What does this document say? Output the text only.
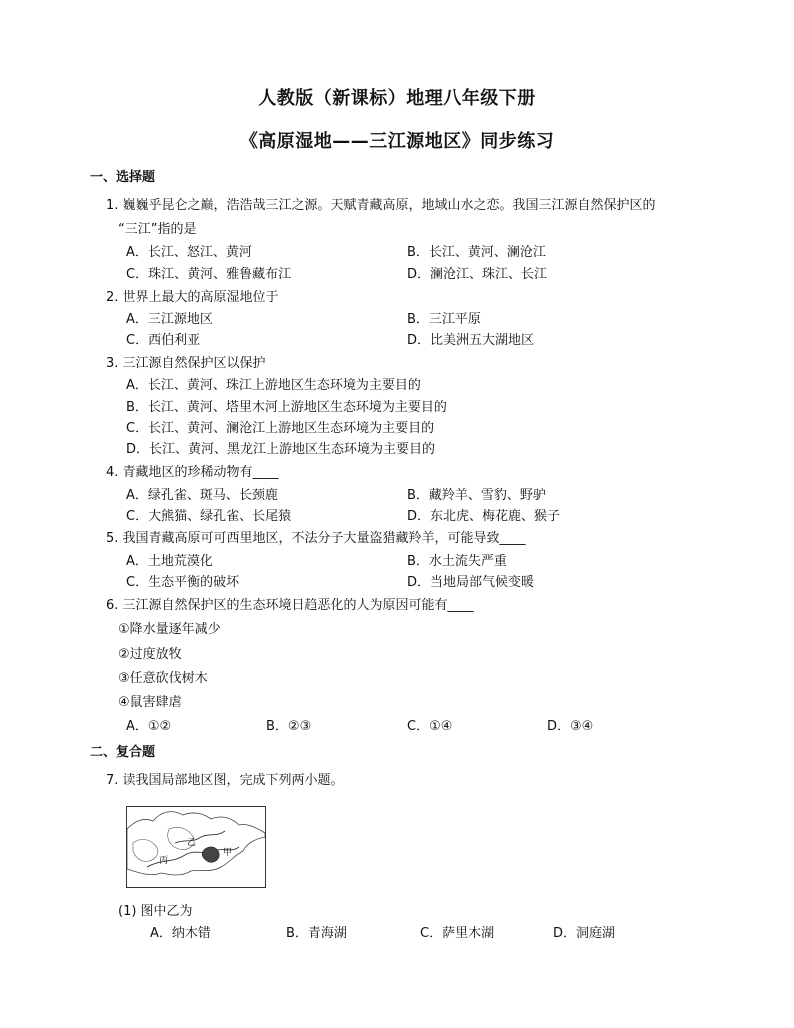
人教版（新课标）地理八年级下册
《高原湿地——三江源地区》同步练习
一、选择题
1. 巍巍乎昆仑之巅，浩浩哉三江之源。天赋青藏高原，地域山水之恋。我国三江源自然保护区的
“三江”指的是
A．长江、怒江、黄河	B．长江、黄河、澜沧江
C．珠江、黄河、雅鲁藏布江	D．澜沧江、珠江、长江
2. 世界上最大的高原湿地位于
A．三江源地区	B．三江平原
C．西伯利亚	D．比美洲五大湖地区
3. 三江源自然保护区以保护
A．长江、黄河、珠江上游地区生态环境为主要目的
B．长江、黄河、塔里木河上游地区生态环境为主要目的
C．长江、黄河、澜沧江上游地区生态环境为主要目的
D．长江、黄河、黑龙江上游地区生态环境为主要目的
4. 青藏地区的珍稀动物有____
A．绿孔雀、斑马、长颈鹿	B．藏羚羊、雪豹、野驴
C．大熊猫、绿孔雀、长尾猿	D．东北虎、梅花鹿、猴子
5. 我国青藏高原可可西里地区，不法分子大量盗猎藏羚羊，可能导致____
A．土地荒漠化	B．水土流失严重
C．生态平衡的破坏	D．当地局部气候变暖
6. 三江源自然保护区的生态环境日趋恶化的人为原因可能有____
①降水量逐年减少
②过度放牧
③任意砍伐树木
④鼠害肆虐
A．①②	B．②③	C．①④	D．③④
二、复合题
7. 读我国局部地区图，完成下列两小题。
乙
甲
丙
(1) 图中乙为
A．纳木错	B．青海湖	C．萨里木湖	D．洞庭湖
